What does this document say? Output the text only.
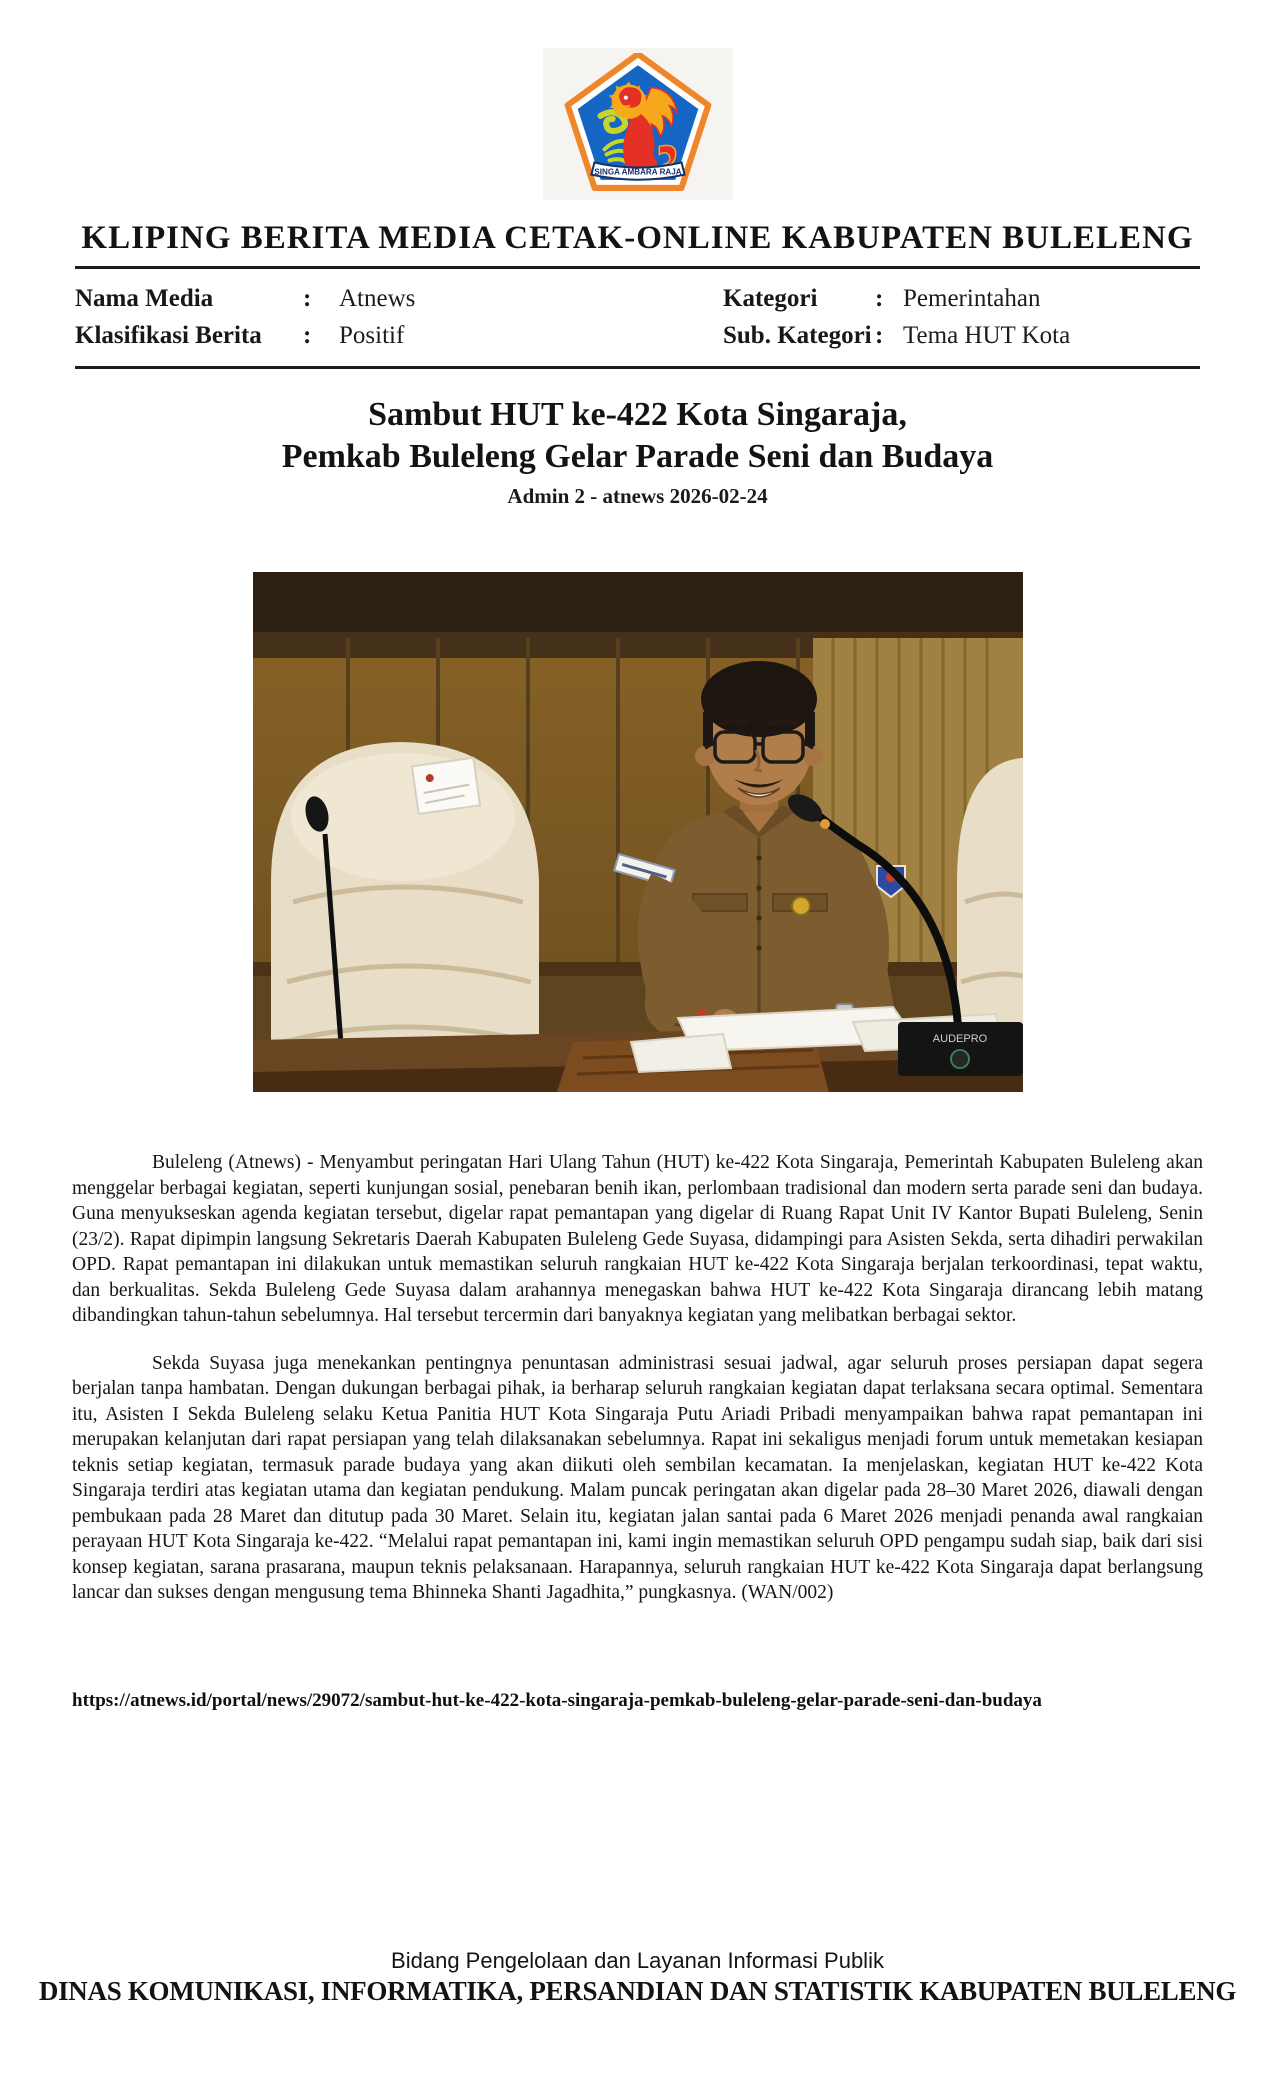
SINGA AMBARA RAJA
KLIPING BERITA MEDIA CETAK-ONLINE KABUPATEN BULELENG
Nama Media	:	Atnews	Kategori	: Pemerintahan
Klasifikasi Berita	:	Positif	Sub. Kategori : Tema HUT Kota
Sambut HUT ke-422 Kota Singaraja,
Pemkab Buleleng Gelar Parade Seni dan Budaya
Admin 2 - atnews 2026-02-24
AUDEPRO

Buleleng (Atnews) - Menyambut peringatan Hari Ulang Tahun (HUT) ke-422 Kota Singaraja, Pemerintah Kabupaten Buleleng akan menggelar berbagai kegiatan, seperti kunjungan sosial, penebaran benih ikan, perlombaan tradisional dan modern serta parade seni dan budaya. Guna menyukseskan agenda kegiatan tersebut, digelar rapat pemantapan yang digelar di Ruang Rapat Unit IV Kantor Bupati Buleleng, Senin (23/2). Rapat dipimpin langsung Sekretaris Daerah Kabupaten Buleleng Gede Suyasa, didampingi para Asisten Sekda, serta dihadiri perwakilan OPD. Rapat pemantapan ini dilakukan untuk memastikan seluruh rangkaian HUT ke-422 Kota Singaraja berjalan terkoordinasi, tepat waktu, dan berkualitas. Sekda Buleleng Gede Suyasa dalam arahannya menegaskan bahwa HUT ke-422 Kota Singaraja dirancang lebih matang dibandingkan tahun-tahun sebelumnya. Hal tersebut tercermin dari banyaknya kegiatan yang melibatkan berbagai sektor.

Sekda Suyasa juga menekankan pentingnya penuntasan administrasi sesuai jadwal, agar seluruh proses persiapan dapat segera berjalan tanpa hambatan. Dengan dukungan berbagai pihak, ia berharap seluruh rangkaian kegiatan dapat terlaksana secara optimal. Sementara itu, Asisten I Sekda Buleleng selaku Ketua Panitia HUT Kota Singaraja Putu Ariadi Pribadi menyampaikan bahwa rapat pemantapan ini merupakan kelanjutan dari rapat persiapan yang telah dilaksanakan sebelumnya. Rapat ini sekaligus menjadi forum untuk memetakan kesiapan teknis setiap kegiatan, termasuk parade budaya yang akan diikuti oleh sembilan kecamatan. Ia menjelaskan, kegiatan HUT ke-422 Kota Singaraja terdiri atas kegiatan utama dan kegiatan pendukung. Malam puncak peringatan akan digelar pada 28–30 Maret 2026, diawali dengan pembukaan pada 28 Maret dan ditutup pada 30 Maret. Selain itu, kegiatan jalan santai pada 6 Maret 2026 menjadi penanda awal rangkaian perayaan HUT Kota Singaraja ke-422. “Melalui rapat pemantapan ini, kami ingin memastikan seluruh OPD pengampu sudah siap, baik dari sisi konsep kegiatan, sarana prasarana, maupun teknis pelaksanaan. Harapannya, seluruh rangkaian HUT ke-422 Kota Singaraja dapat berlangsung lancar dan sukses dengan mengusung tema Bhinneka Shanti Jagadhita,” pungkasnya. (WAN/002)

https://atnews.id/portal/news/29072/sambut-hut-ke-422-kota-singaraja-pemkab-buleleng-gelar-parade-seni-dan-budaya
Bidang Pengelolaan dan Layanan Informasi Publik
DINAS KOMUNIKASI, INFORMATIKA, PERSANDIAN DAN STATISTIK KABUPATEN BULELENG
